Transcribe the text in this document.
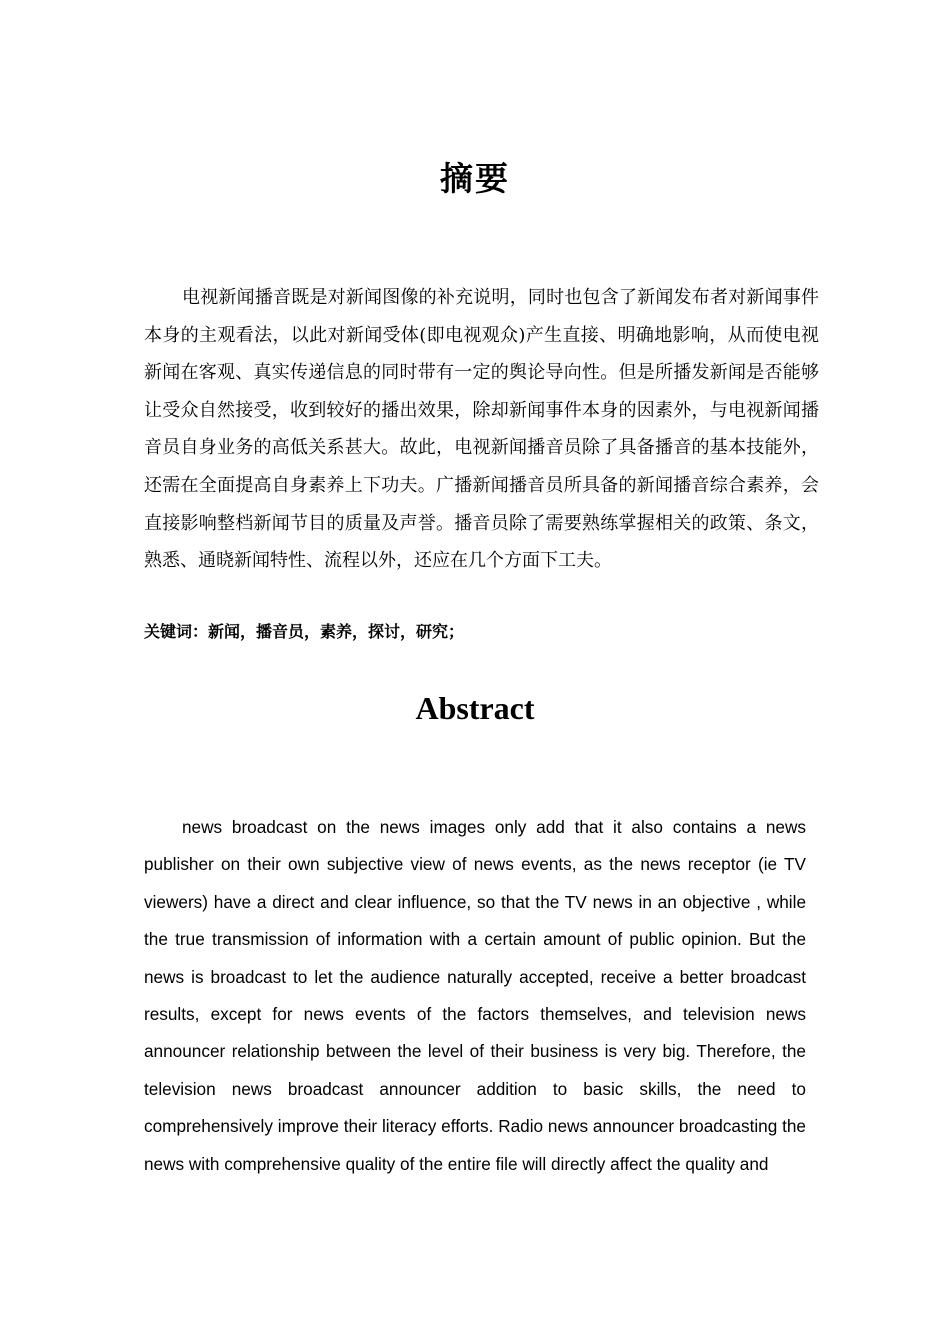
摘要

电视新闻播音既是对新闻图像的补充说明，同时也包含了新闻发布者对新闻事件本身的主观看法，以此对新闻受体(即电视观众)产生直接、明确地影响，从而使电视新闻在客观、真实传递信息的同时带有一定的舆论导向性。但是所播发新闻是否能够让受众自然接受，收到较好的播出效果，除却新闻事件本身的因素外，与电视新闻播音员自身业务的高低关系甚大。故此，电视新闻播音员除了具备播音的基本技能外，还需在全面提高自身素养上下功夫。广播新闻播音员所具备的新闻播音综合素养，会直接影响整档新闻节目的质量及声誉。播音员除了需要熟练掌握相关的政策、条文，熟悉、通晓新闻特性、流程以外，还应在几个方面下工夫。

关键词：新闻，播音员，素养，探讨，研究；

Abstract

news broadcast on the news images only add that it also contains a news publisher on their own subjective view of news events, as the news receptor (ie TV viewers) have a direct and clear influence, so that the TV news in an objective , while the true transmission of information with a certain amount of public opinion. But the news is broadcast to let the audience naturally accepted, receive a better broadcast results, except for news events of the factors themselves, and television news announcer relationship between the level of their business is very big. Therefore, the television news broadcast announcer addition to basic skills, the need to comprehensively improve their literacy efforts. Radio news announcer broadcasting the news with comprehensive quality of the entire file will directly affect the quality and
